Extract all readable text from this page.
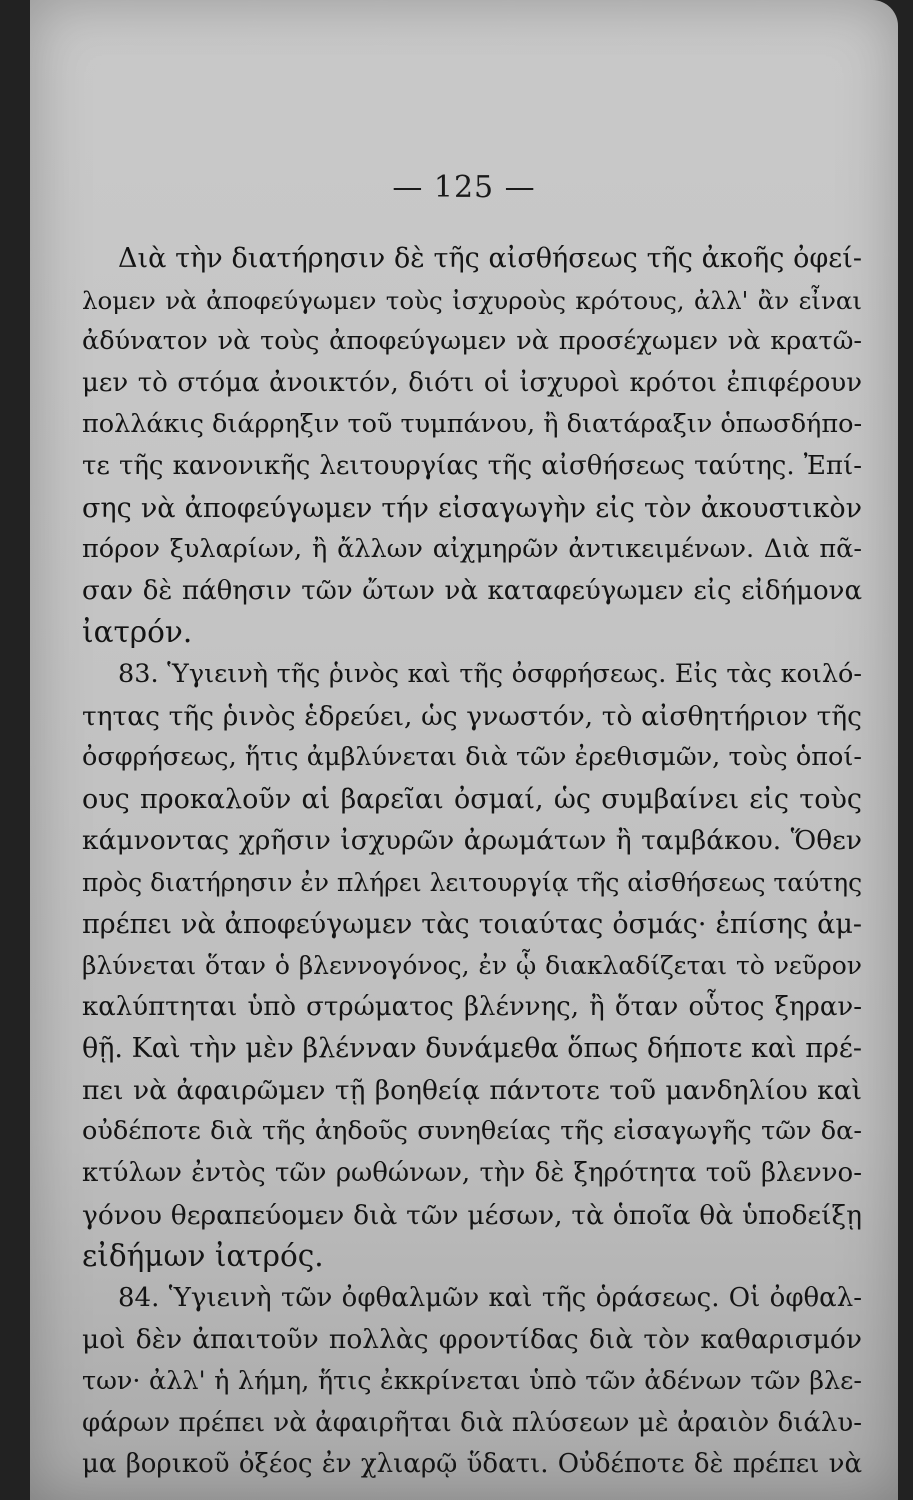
— 125 —
Διὰ τὴν διατήρησιν δὲ τῆς αἰσθήσεως τῆς ἀκοῆς ὀφεί-
λομεν νὰ ἀποφεύγωμεν τοὺς ἰσχυροὺς κρότους, ἀλλ' ἂν εἶναι
ἀδύνατον νὰ τοὺς ἀποφεύγωμεν νὰ προσέχωμεν νὰ κρατῶ-
μεν τὸ στόμα ἀνοικτόν, διότι οἱ ἰσχυροὶ κρότοι ἐπιφέρουν
πολλάκις διάρρηξιν τοῦ τυμπάνου, ἢ διατάραξιν ὁπωσδήπο-
τε τῆς κανονικῆς λειτουργίας τῆς αἰσθήσεως ταύτης. Ἐπί-
σης νὰ ἀποφεύγωμεν τήν εἰσαγωγὴν εἰς τὸν ἀκουστικὸν
πόρον ξυλαρίων, ἢ ἄλλων αἰχμηρῶν ἀντικειμένων. Διὰ πᾶ-
σαν δὲ πάθησιν τῶν ὤτων νὰ καταφεύγωμεν εἰς εἰδήμονα
ἰατρόν.
83. Ὑγιεινὴ τῆς ῥινὸς καὶ τῆς ὀσφρήσεως. Εἰς τὰς κοιλό-
τητας τῆς ῥινὸς ἑδρεύει, ὡς γνωστόν, τὸ αἰσθητήριον τῆς
ὀσφρήσεως, ἥτις ἀμβλύνεται διὰ τῶν ἐρεθισμῶν, τοὺς ὁποί-
ους προκαλοῦν αἱ βαρεῖαι ὀσμαί, ὡς συμβαίνει εἰς τοὺς
κάμνοντας χρῆσιν ἰσχυρῶν ἀρωμάτων ἢ ταμβάκου. Ὅθεν
πρὸς διατήρησιν ἐν πλήρει λειτουργίᾳ τῆς αἰσθήσεως ταύτης
πρέπει νὰ ἀποφεύγωμεν τὰς τοιαύτας ὀσμάς· ἐπίσης ἀμ-
βλύνεται ὅταν ὁ βλεννογόνος, ἐν ᾧ διακλαδίζεται τὸ νεῦρον
καλύπτηται ὑπὸ στρώματος βλέννης, ἢ ὅταν οὗτος ξηραν-
θῇ. Καὶ τὴν μὲν βλένναν δυνάμεθα ὅπως δήποτε καὶ πρέ-
πει νὰ ἀφαιρῶμεν τῇ βοηθείᾳ πάντοτε τοῦ μανδηλίου καὶ
οὐδέποτε διὰ τῆς ἀηδοῦς συνηθείας τῆς εἰσαγωγῆς τῶν δα-
κτύλων ἐντὸς τῶν ρωθώνων, τὴν δὲ ξηρότητα τοῦ βλεννο-
γόνου θεραπεύομεν διὰ τῶν μέσων, τὰ ὁποῖα θὰ ὑποδείξῃ
εἰδήμων ἰατρός.
84. Ὑγιεινὴ τῶν ὀφθαλμῶν καὶ τῆς ὁράσεως. Οἱ ὀφθαλ-
μοὶ δὲν ἀπαιτοῦν πολλὰς φροντίδας διὰ τὸν καθαρισμόν
των· ἀλλ' ἡ λήμη, ἥτις ἐκκρίνεται ὑπὸ τῶν ἀδένων τῶν βλε-
φάρων πρέπει νὰ ἀφαιρῆται διὰ πλύσεων μὲ ἀραιὸν διάλυ-
μα βορικοῦ ὀξέος ἐν χλιαρῷ ὕδατι. Οὐδέποτε δὲ πρέπει νὰ
